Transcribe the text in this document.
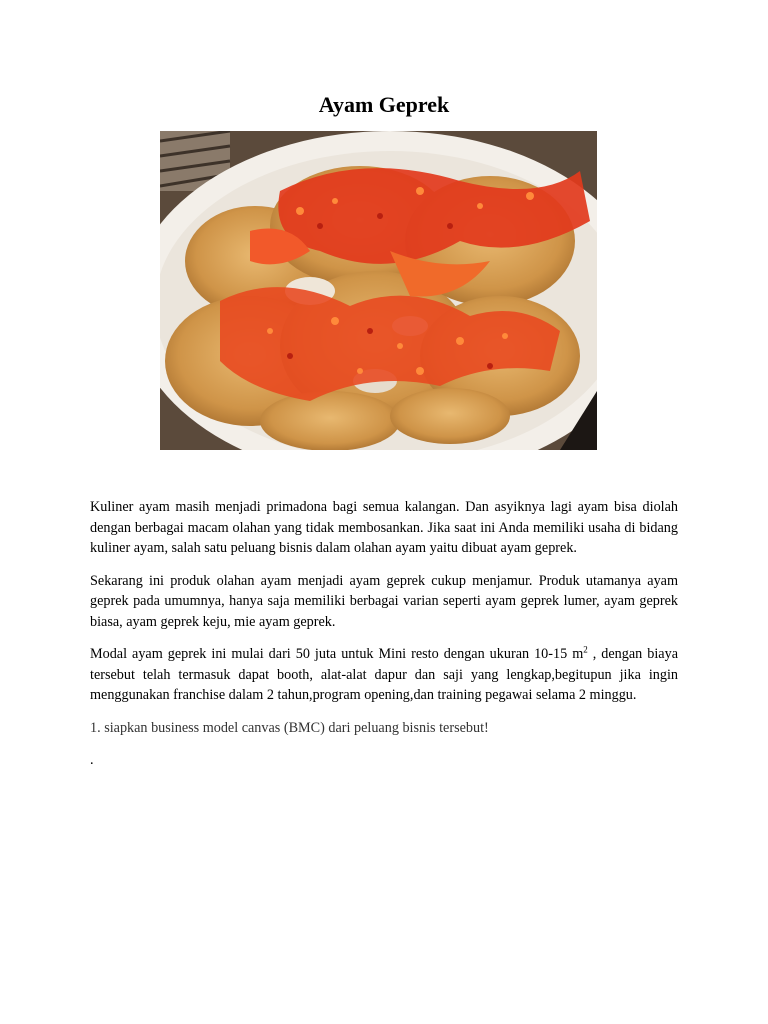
Ayam Geprek

Kuliner ayam masih menjadi primadona bagi semua kalangan. Dan asyiknya lagi ayam bisa diolah dengan berbagai macam olahan yang tidak membosankan. Jika saat ini Anda memiliki usaha di bidang kuliner ayam, salah satu peluang bisnis dalam olahan ayam yaitu dibuat ayam geprek.

Sekarang ini produk olahan ayam menjadi ayam geprek cukup menjamur. Produk utamanya ayam geprek pada umumnya, hanya saja memiliki berbagai varian seperti ayam geprek lumer, ayam geprek biasa, ayam geprek keju, mie ayam geprek.

Modal ayam geprek ini mulai dari 50 juta untuk Mini resto dengan ukuran 10-15 $m^2$ , dengan biaya tersebut telah termasuk dapat booth, alat-alat dapur dan saji yang lengkap,begitupun jika ingin menggunakan franchise dalam 2 tahun,program opening,dan training pegawai selama 2 minggu.

1. siapkan business model canvas (BMC) dari peluang bisnis tersebut!

.
